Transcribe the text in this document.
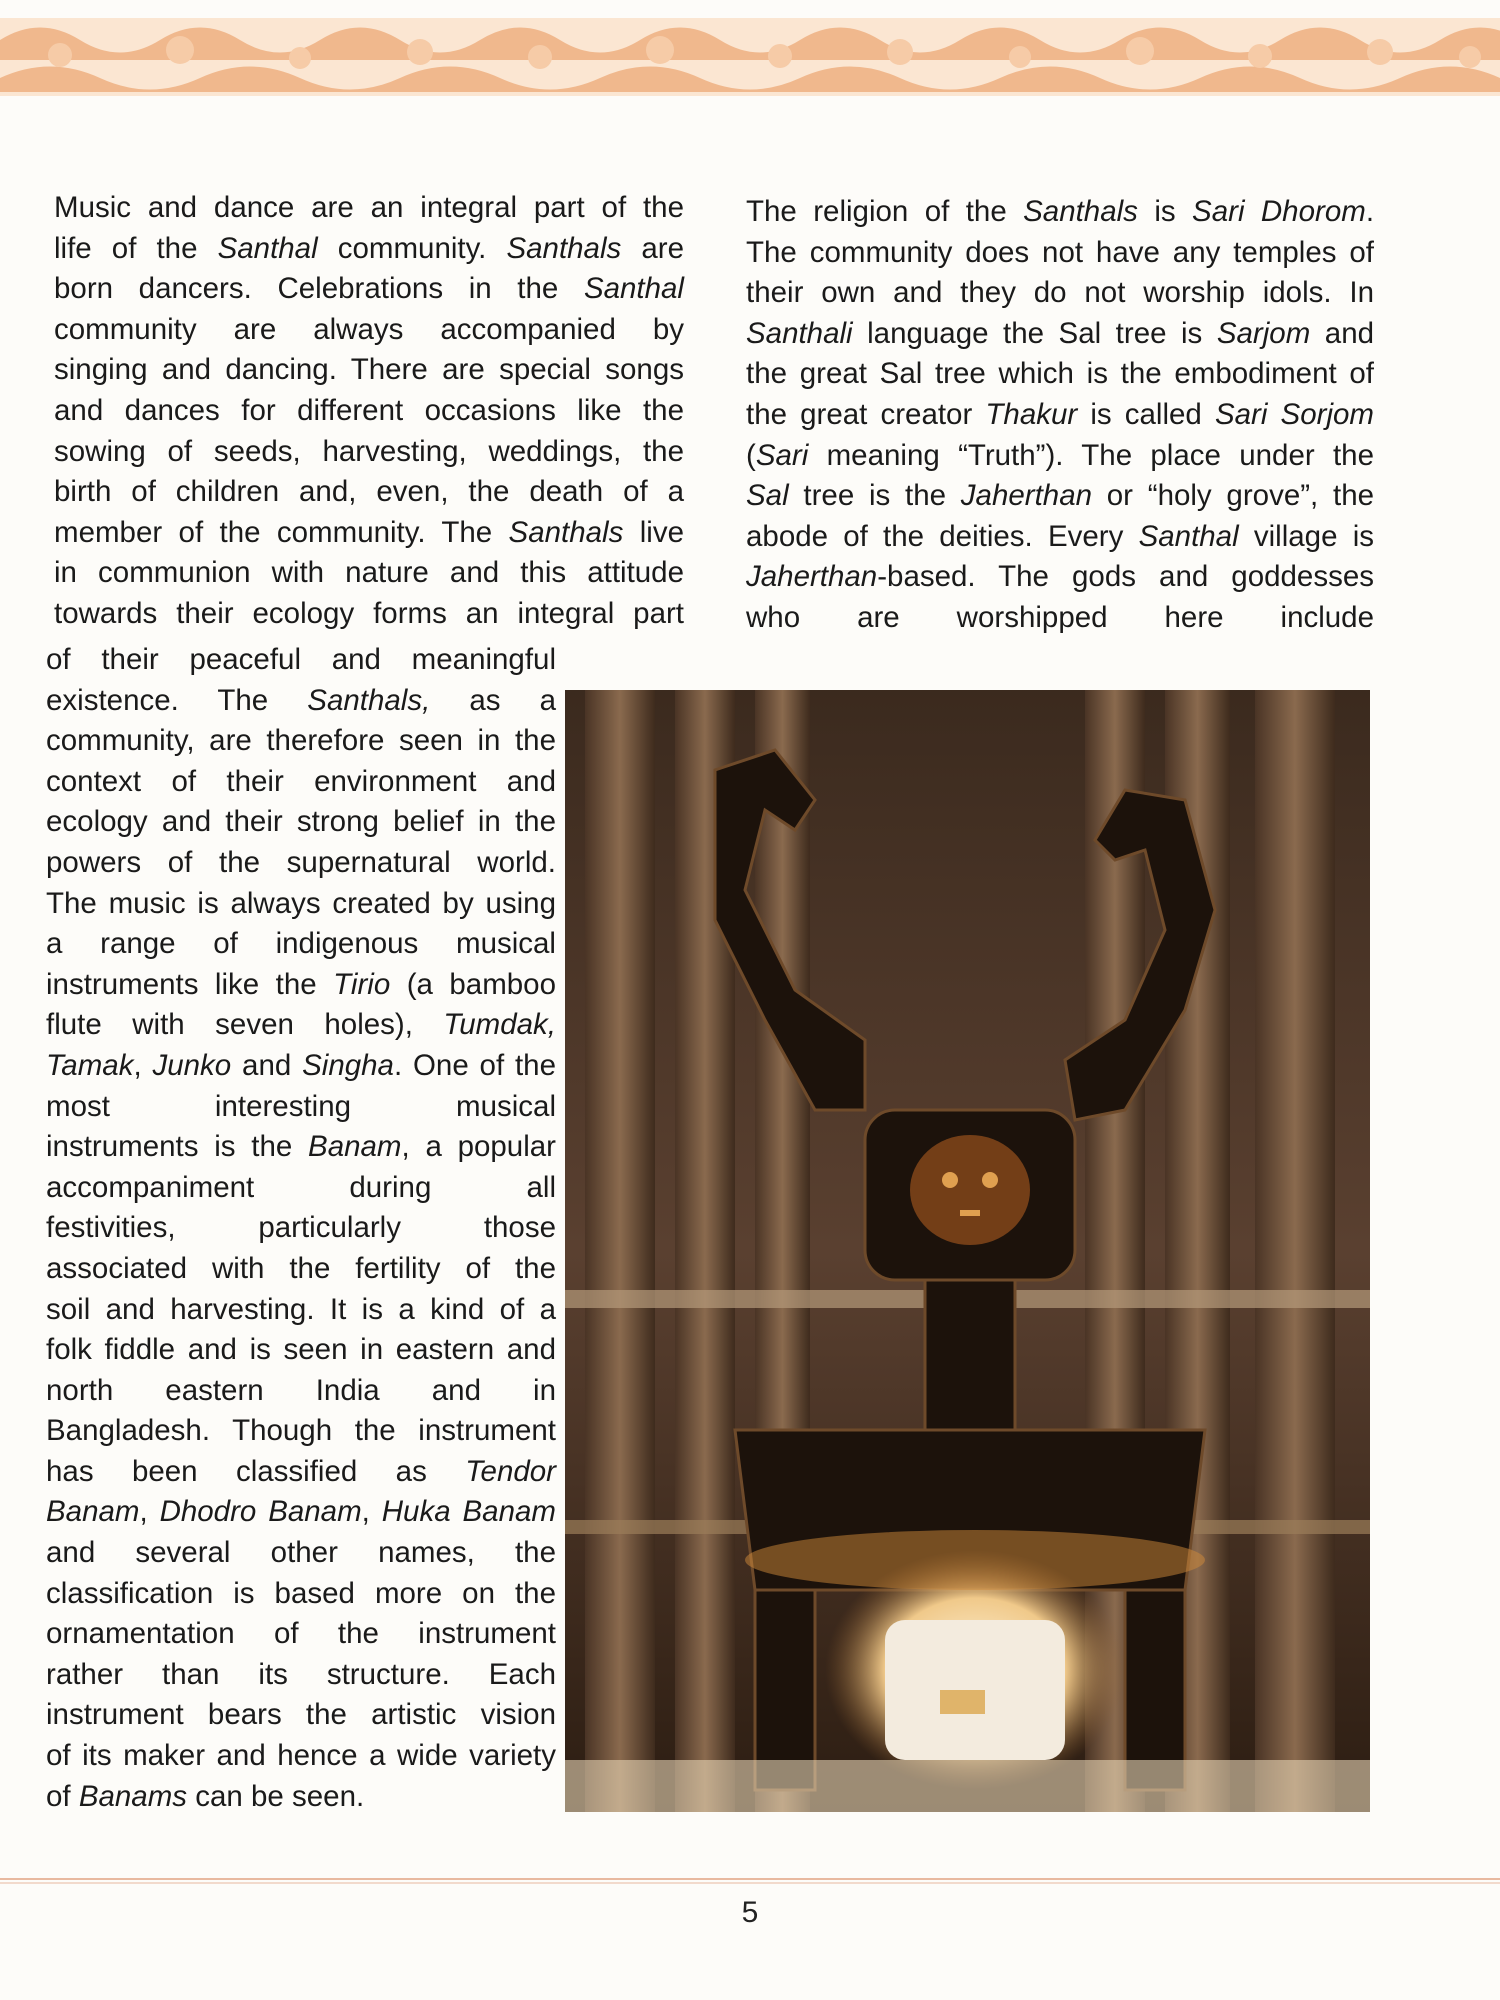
Music and dance are an integral part of the
life of the Santhal community. Santhals are
born dancers. Celebrations in the Santhal
community are always accompanied by
singing and dancing. There are special songs
and dances for different occasions like the
sowing of seeds, harvesting, weddings, the
birth of children and, even, the death of a
member of the community. The Santhals live
in communion with nature and this attitude
towards their ecology forms an integral part
of their peaceful and meaningful
existence. The Santhals, as a
community, are therefore seen in the
context of their environment and
ecology and their strong belief in the
powers of the supernatural world.
The music is always created by using
a range of indigenous musical
instruments like the Tirio (a bamboo
flute with seven holes), Tumdak,
Tamak, Junko and Singha. One of the
most interesting musical
instruments is the Banam, a popular
accompaniment during all
festivities, particularly those
associated with the fertility of the
soil and harvesting. It is a kind of a
folk fiddle and is seen in eastern and
north eastern India and in
Bangladesh. Though the instrument
has been classified as Tendor
Banam, Dhodro Banam, Huka Banam
and several other names, the
classification is based more on the
ornamentation of the instrument
rather than its structure. Each
instrument bears the artistic vision
of its maker and hence a wide variety
of Banams can be seen.
The religion of the Santhals is Sari Dhorom.
The community does not have any temples of
their own and they do not worship idols. In
Santhali language the Sal tree is Sarjom and
the great Sal tree which is the embodiment of
the great creator Thakur is called Sari Sorjom
(Sari meaning “Truth”). The place under the
Sal tree is the Jaherthan or “holy grove”, the
abode of the deities. Every Santhal village is
Jaherthan-based. The gods and goddesses
who are worshipped here include
5
